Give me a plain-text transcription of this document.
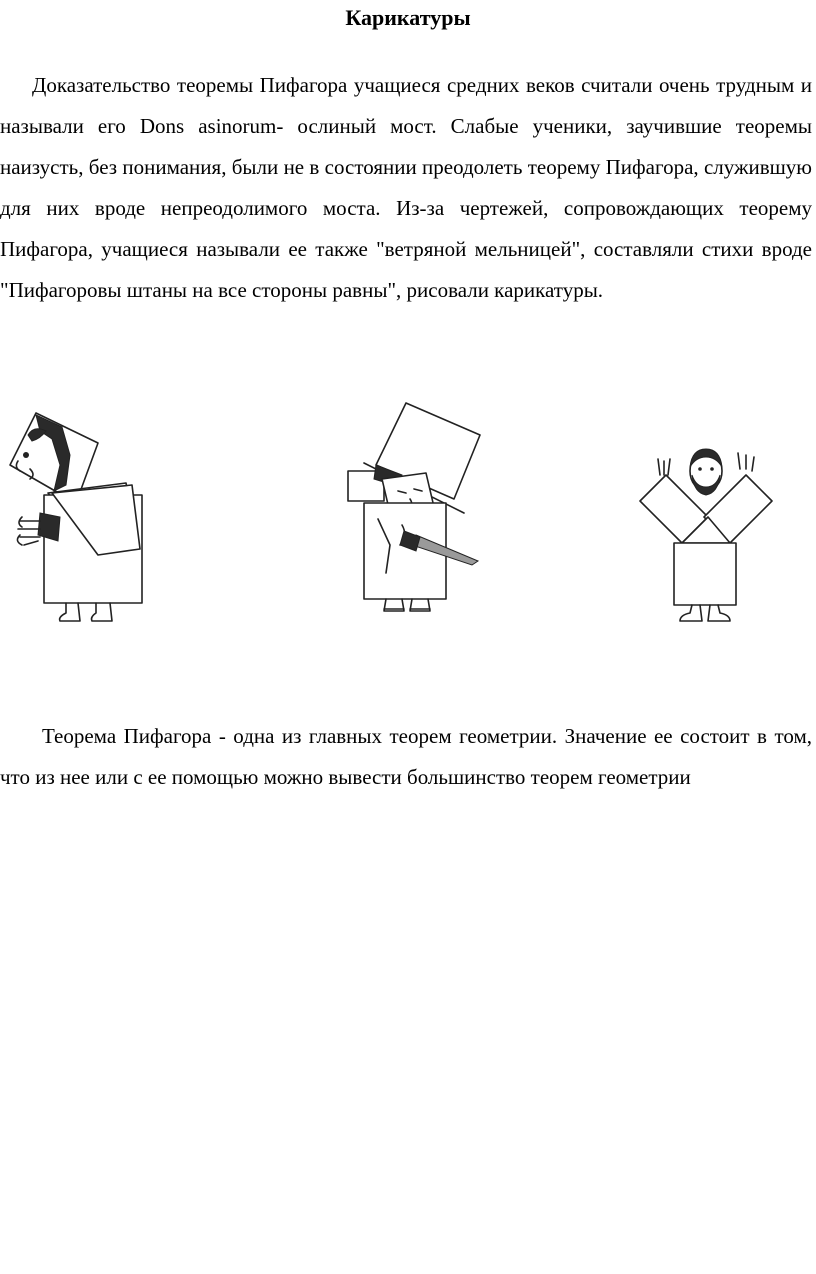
Карикатуры

Доказательство теоремы Пифагора учащиеся средних веков считали очень трудным и называли его Dons asinorum- ослиный мост. Слабые ученики, заучившие теоремы наизусть, без понимания, были не в состоянии преодолеть теорему Пифагора, служившую для них вроде непреодолимого моста. Из-за чертежей, сопровождающих теорему Пифагора, учащиеся называли ее также "ветряной мельницей", составляли стихи вроде "Пифагоровы штаны на все стороны равны", рисовали карикатуры.

Теорема Пифагора - одна из главных теорем геометрии. Значение ее состоит в том, что из нее или с ее помощью можно вывести большинство теорем геометрии
